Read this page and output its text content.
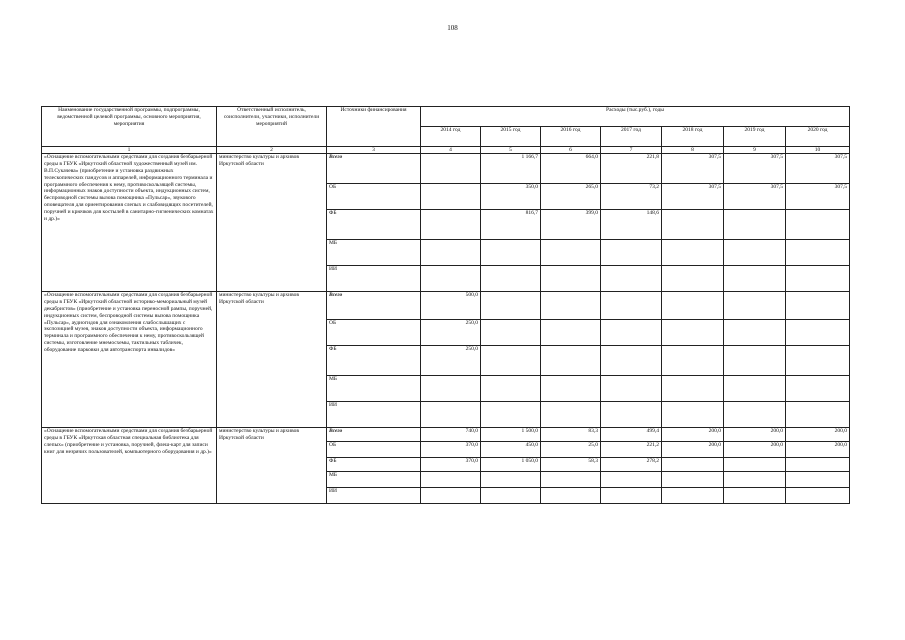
108
Наименование государственной программы, подпрограммы, ведомственной целевой программы, основного мероприятия, мероприятия	Ответственный исполнитель, соисполнители, участники, исполнители мероприятий	Источники финансирования	Расходы (тыс.руб.), годы						
			2014 год	2015 год	2016 год	2017 год	2018 год	2019 год	2020 год
1	2	3	4	5	6	7	8	9	10
«Оснащение вспомогательными средствами для создания безбарьерной среды в ГБУК «Иркутский областной художественный музей им. В.П.Сукачева» (приобретение и установка раздвижных телескопических пандусов и аппарелей, информационного терминала и программного обеспечения к нему, противоскользящей системы, информационных знаков доступности объекта, индукционных систем, беспроводной системы вызова помощника «Пульсар», звукового оповещателя для ориентирования слепых и слабовидящих посетителей, поручней и крючков для костылей в санитарно-гигиенических комнатах и др.)»	министерство культуры и архивов Иркутской области	Всего		1 166,7	664,0	221,8	307,5	307,5	307,5

		ОБ		350,0	265,0	73,2	307,5	307,5	307,5

		ФБ		816,7	399,0	148,6			

		МБ							

		ИИ							

«Оснащение вспомогательными средствами для создания безбарьерной среды в ГБУК «Иркутский областной историко-мемориальный музей декабристов» (приобретение и установка переносной рампы, поручней, индукционных систем, беспроводной системы вызова помощника «Пульсар», аудиогидов для ознакомления слабослышащих с экспозицией музея, знаков доступности объекта, информационного терминала и программного обеспечения к нему, противоскользящей системы, изготовление мнемосхемы, тактильных табличек, оборудование парковки для автотранспорта инвалидов»	министерство культуры и архивов Иркутской области	Всего	500,0						

		ОБ	250,0						

		ФБ	250,0						

		МБ							

		ИИ							

«Оснащение вспомогательными средствами для создания безбарьерной среды в ГБУК «Иркутская областная специальная библиотека для слепых» (приобретение и установка, поручней, флеш-карт для записи книг для незрячих пользователей, компьютерного оборудования и др.)»	министерство культуры и архивов Иркутской области	Всего	740,0	1 500,0	83,3	499,4	200,0	200,0	200,0

		ОБ	370,0	450,0	25,0	221,2	200,0	200,0	200,0

		ФБ	370,0	1 050,0	58,3	278,2			

		МБ							

		ИИ							
